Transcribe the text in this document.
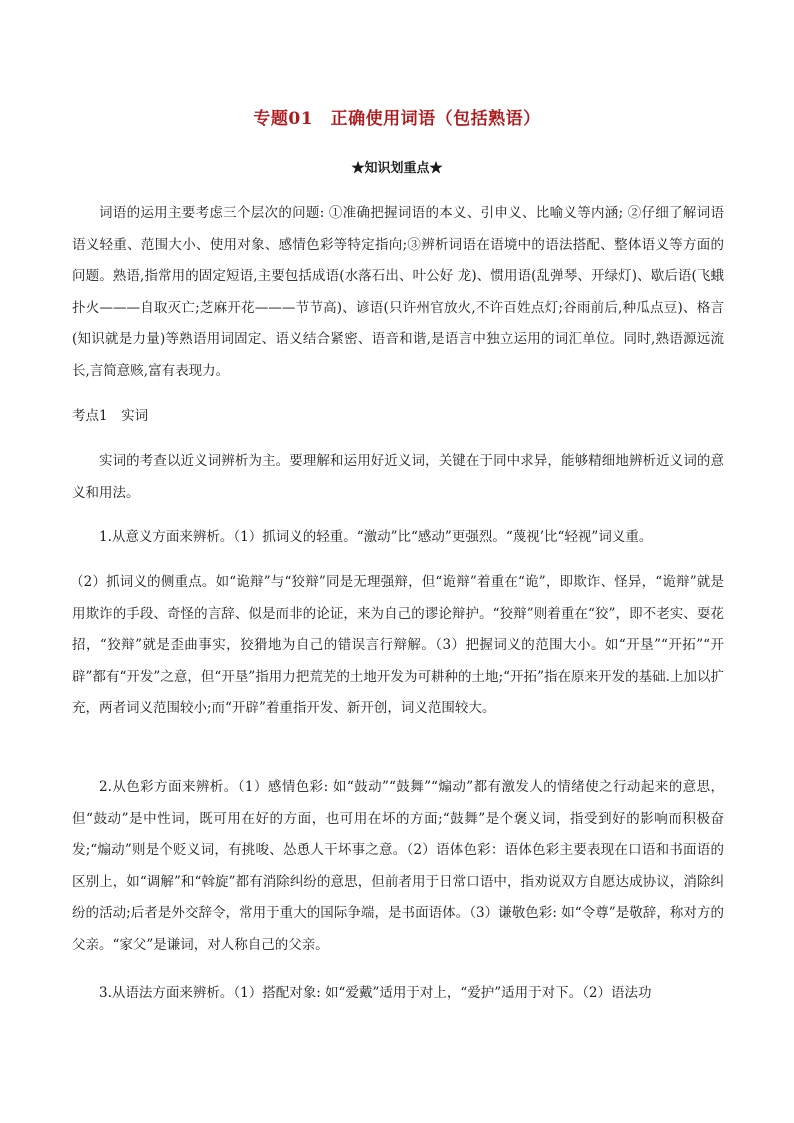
专题01　正确使用词语（包括熟语）
★知识划重点★

词语的运用主要考虑三个层次的问题: ①准确把握词语的本义、引申义、比喻义等内涵; ②仔细了解词语语义轻重、范围大小、使用对象、感情色彩等特定指向;③辨析词语在语境中的语法搭配、整体语义等方面的问题。熟语,指常用的固定短语,主要包括成语(水落石出、叶公好 龙)、惯用语(乱弹琴、开绿灯)、歇后语(飞蛾扑火———自取灭亡;芝麻开花———节节高)、谚语(只许州官放火,不许百姓点灯;谷雨前后,种瓜点豆)、格言(知识就是力量)等熟语用词固定、语义结合紧密、语音和谐,是语言中独立运用的词汇单位。同时,熟语源远流长,言简意赅,富有表现力。

考点1　实词

实词的考查以近义词辨析为主。要理解和运用好近义词，关键在于同中求异，能够精细地辨析近义词的意义和用法。

1.从意义方面来辨析。（1）抓词义的轻重。“激动”比“感动”更强烈。“蔑视’比“轻视”词义重。

（2）抓词义的侧重点。如“诡辩”与“狡辩”同是无理强辩，但“诡辩”着重在“诡”，即欺诈、怪异，“诡辩”就是用欺诈的手段、奇怪的言辞、似是而非的论证，来为自己的谬论辩护。“狡辩”则着重在“狡”，即不老实、耍花招，“狡辩”就是歪曲事实，狡猾地为自己的错误言行辩解。（3）把握词义的范围大小。如“开垦”“开拓”“开辟”都有“开发”之意，但“开垦”指用力把荒芜的土地开发为可耕种的土地;“开拓”指在原来开发的基础.上加以扩充，两者词义范围较小;而“开辟”着重指开发、新开创，词义范围较大。

2.从色彩方面来辨析。（1）感情色彩: 如“鼓动”“鼓舞”“煽动”都有激发人的情绪使之行动起来的意思，但“鼓动”是中性词，既可用在好的方面，也可用在坏的方面;“鼓舞”是个褒义词，指受到好的影响而积极奋发;“煽动”则是个贬义词，有挑唆、怂恿人干坏事之意。（2）语体色彩：语体色彩主要表现在口语和书面语的区别上，如“调解”和“斡旋”都有消除纠纷的意思，但前者用于日常口语中，指劝说双方自愿达成协议，消除纠纷的活动;后者是外交辞令，常用于重大的国际争端，是书面语体。（3）谦敬色彩: 如“令尊”是敬辞，称对方的父亲。“家父”是谦词，对人称自己的父亲。

3.从语法方面来辨析。（1）搭配对象: 如“爱戴”适用于对上，“爱护”适用于对下。（2）语法功
